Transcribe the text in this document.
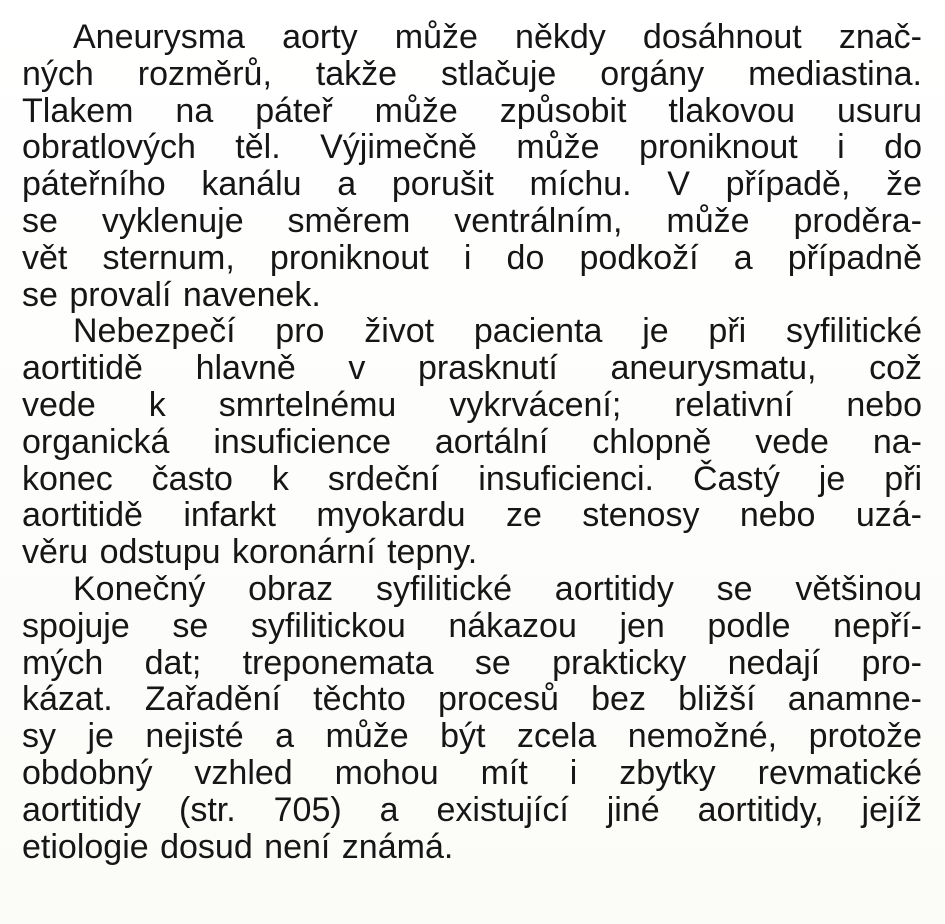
Aneurysma aorty může někdy dosáhnout znač-
ných rozměrů, takže stlačuje orgány mediastina.
Tlakem na páteř může způsobit tlakovou usuru
obratlových těl. Výjimečně může proniknout i do
páteřního kanálu a porušit míchu. V případě, že
se vyklenuje směrem ventrálním, může proděra-
vět sternum, proniknout i do podkoží a případně
se provalí navenek.
Nebezpečí pro život pacienta je při syfilitické
aortitidě hlavně v prasknutí aneurysmatu, což
vede k smrtelnému vykrvácení; relativní nebo
organická insuficience aortální chlopně vede na-
konec často k srdeční insuficienci. Častý je při
aortitidě infarkt myokardu ze stenosy nebo uzá-
věru odstupu koronární tepny.
Konečný obraz syfilitické aortitidy se většinou
spojuje se syfilitickou nákazou jen podle nepří-
mých dat; treponemata se prakticky nedají pro-
kázat. Zařadění těchto procesů bez bližší anamne-
sy je nejisté a může být zcela nemožné, protože
obdobný vzhled mohou mít i zbytky revmatické
aortitidy (str. 705) a existující jiné aortitidy, jejíž
etiologie dosud není známá.
